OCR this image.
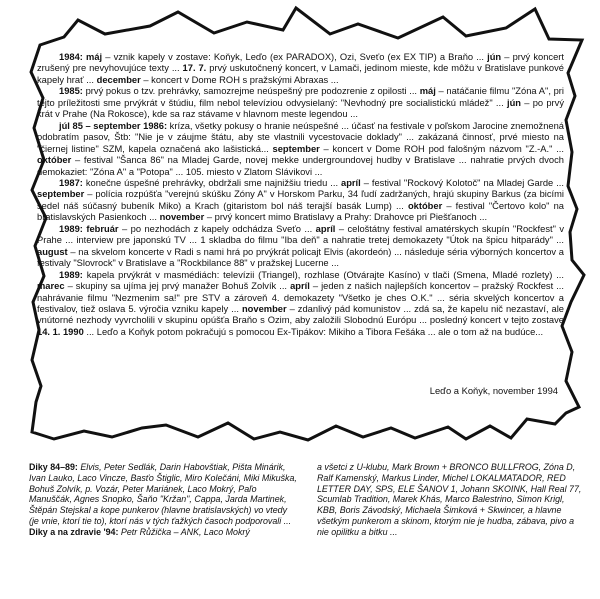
1984: máj – vznik kapely v zostave: Koňyk, Leďo (ex PARADOX), Ozi, Sveťo (ex EX TIP) a Braňo ... jún – prvý koncert zrušený pre nevyhovujúce texty ... 17. 7. prvý uskutočnený koncert, v Lamači, jedinom mieste, kde môžu v Bratislave punkové kapely hrať ... december – koncert v Dome ROH s pražskými Abraxas ...

1985: prvý pokus o tzv. prehrávky, samozrejme neúspešný pre podozrenie z opilosti ... máj – natáčanie filmu "Zóna A", pri tejto príležitosti sme prvýkrát v štúdiu, film nebol televíziou odvysielaný: "Nevhodný pre socialistickú mládež" ... jún – po prvý krát v Prahe (Na Rokosce), kde sa raz stávame v hlavnom meste legendou ...

júl 85 – september 1986: kríza, všetky pokusy o hranie neúspešné ... účasť na festivale v poľskom Jarocine znemožnená odobratím pasov, Štb: "Nie je v záujme štátu, aby ste vlastnili vycestovacie doklady" ... zakázaná činnosť, prvé miesto na "čiernej listine" SZM, kapela označená ako lašistická... september – koncert v Dome ROH pod falošným názvom "Z.-A." ... október – festival "Šanca 86" na Mladej Garde, novej mekke undergroundovej hudby v Bratislave ... nahratie prvých dvoch demokaziet: "Zóna A" a "Potopa" ... 105. miesto v Zlatom Slávikovi ...

1987: konečne úspešné prehrávky, obdržali sme najnižšiu triedu ... apríl – festival "Rockový Kolotoč" na Mladej Garde ... september – polícia rozpúšťa "verejnú skúšku Zóny A" v Horskom Parku, 34 ľudí zadržaných, hrajú skupiny Barkus (za bicími sedel náš súčasný bubeník Miko) a Krach (gitaristom bol náš terajší basák Lump) ... október – festival "Čertovo kolo" na bratislavských Pasienkoch ... november – prvý koncert mimo Bratislavy a Prahy: Drahovce pri Piešťanoch ...

1989: február – po nezhodách z kapely odchádza Sveťo ... apríl – celoštátny festival amatérskych skupín "Rockfest" v Prahe ... interview pre japonskú TV ... 1 skladba do filmu "Iba deň" a nahratie tretej demokazety "Útok na špicu hitparády" ... august – na skvelom koncerte v Radi s nami hrá po prvýkrát policajt Elvis (akordeón) ... následuje séria výborných koncertov a festivaly "Slovrock" v Bratislave a "Rockbilance 88" v pražskej Lucerne ...

1989: kapela prvýkrát v masmédiách: televízii (Triangel), rozhlase (Otvárajte Kasíno) v tlači (Smena, Mladé rozlety) ... marec – skupiny sa ujíma jej prvý manažer Bohuš Zolvík ... apríl – jeden z našich najlepších koncertov – pražský Rockfest ... nahrávanie filmu "Nezmenim sa!" pre STV a zároveň 4. demokazety "Všetko je ches O.K." ... séria skvelých koncertov a festivalov, tiež oslava 5. výročia vzniku kapely ... november – zdanlivý pád komunistov ... zdá sa, že kapelu nič nezastaví, ale vnútorné nezhody vyvrcholili v skupinu opúšťa Braňo s Ozim, aby založili Slobodnú Európu ... posledný koncert v tejto zostave 14. 1. 1990 ... Leďo a Koňyk potom pokračujú s pomocou Ex-Tipákov: Mikiho a Tibora Fešáka ... ale o tom až na budúce...

Leďo a Koňyk, november 1994
Diky 84–89: Elvis, Peter Sedlák, Darin Habovštiak, Pišta Minárik, Ivan Lauko, Laco Vincze, Basťo Štiglic, Miro Kolečáni, Miki Mikuška, Bohuš Zolvík, p. Vozár, Peter Mariánek, Laco Mokrý, Paľo Manuščák, Agnes Snopko, Šaňo "Kržan", Cappa, Jarda Martinek, Štěpán Stejskal a kope punkerov (hlavne bratislavských) vo vtedy (je vnie, ktorí tie to), ktorí nás v tých ťažkých časoch podporovali ...
Diky a na zdravie '94: Petr Růžička – ANK, Laco Mokrý
a všetci z U-klubu, Mark Brown + BRONCO BULLFROG, Zóna D, Ralf Kamenský, Markus Linder, Michel LOKALMATADOR, RED LETTER DAY, SPS, ELE ŠANOV 1, Johann SKOINK, Hall Real 77, Scumlab Tradition, Marek Khás, Marco Balestrino, Simon Krigl, KBB, Boris Závodský, Michaela Šimková + Skwincer, a hlavne všetkým punkerom a skinom, ktorým nie je hudba, zábava, pivo a nie opilitku a bitku ...
